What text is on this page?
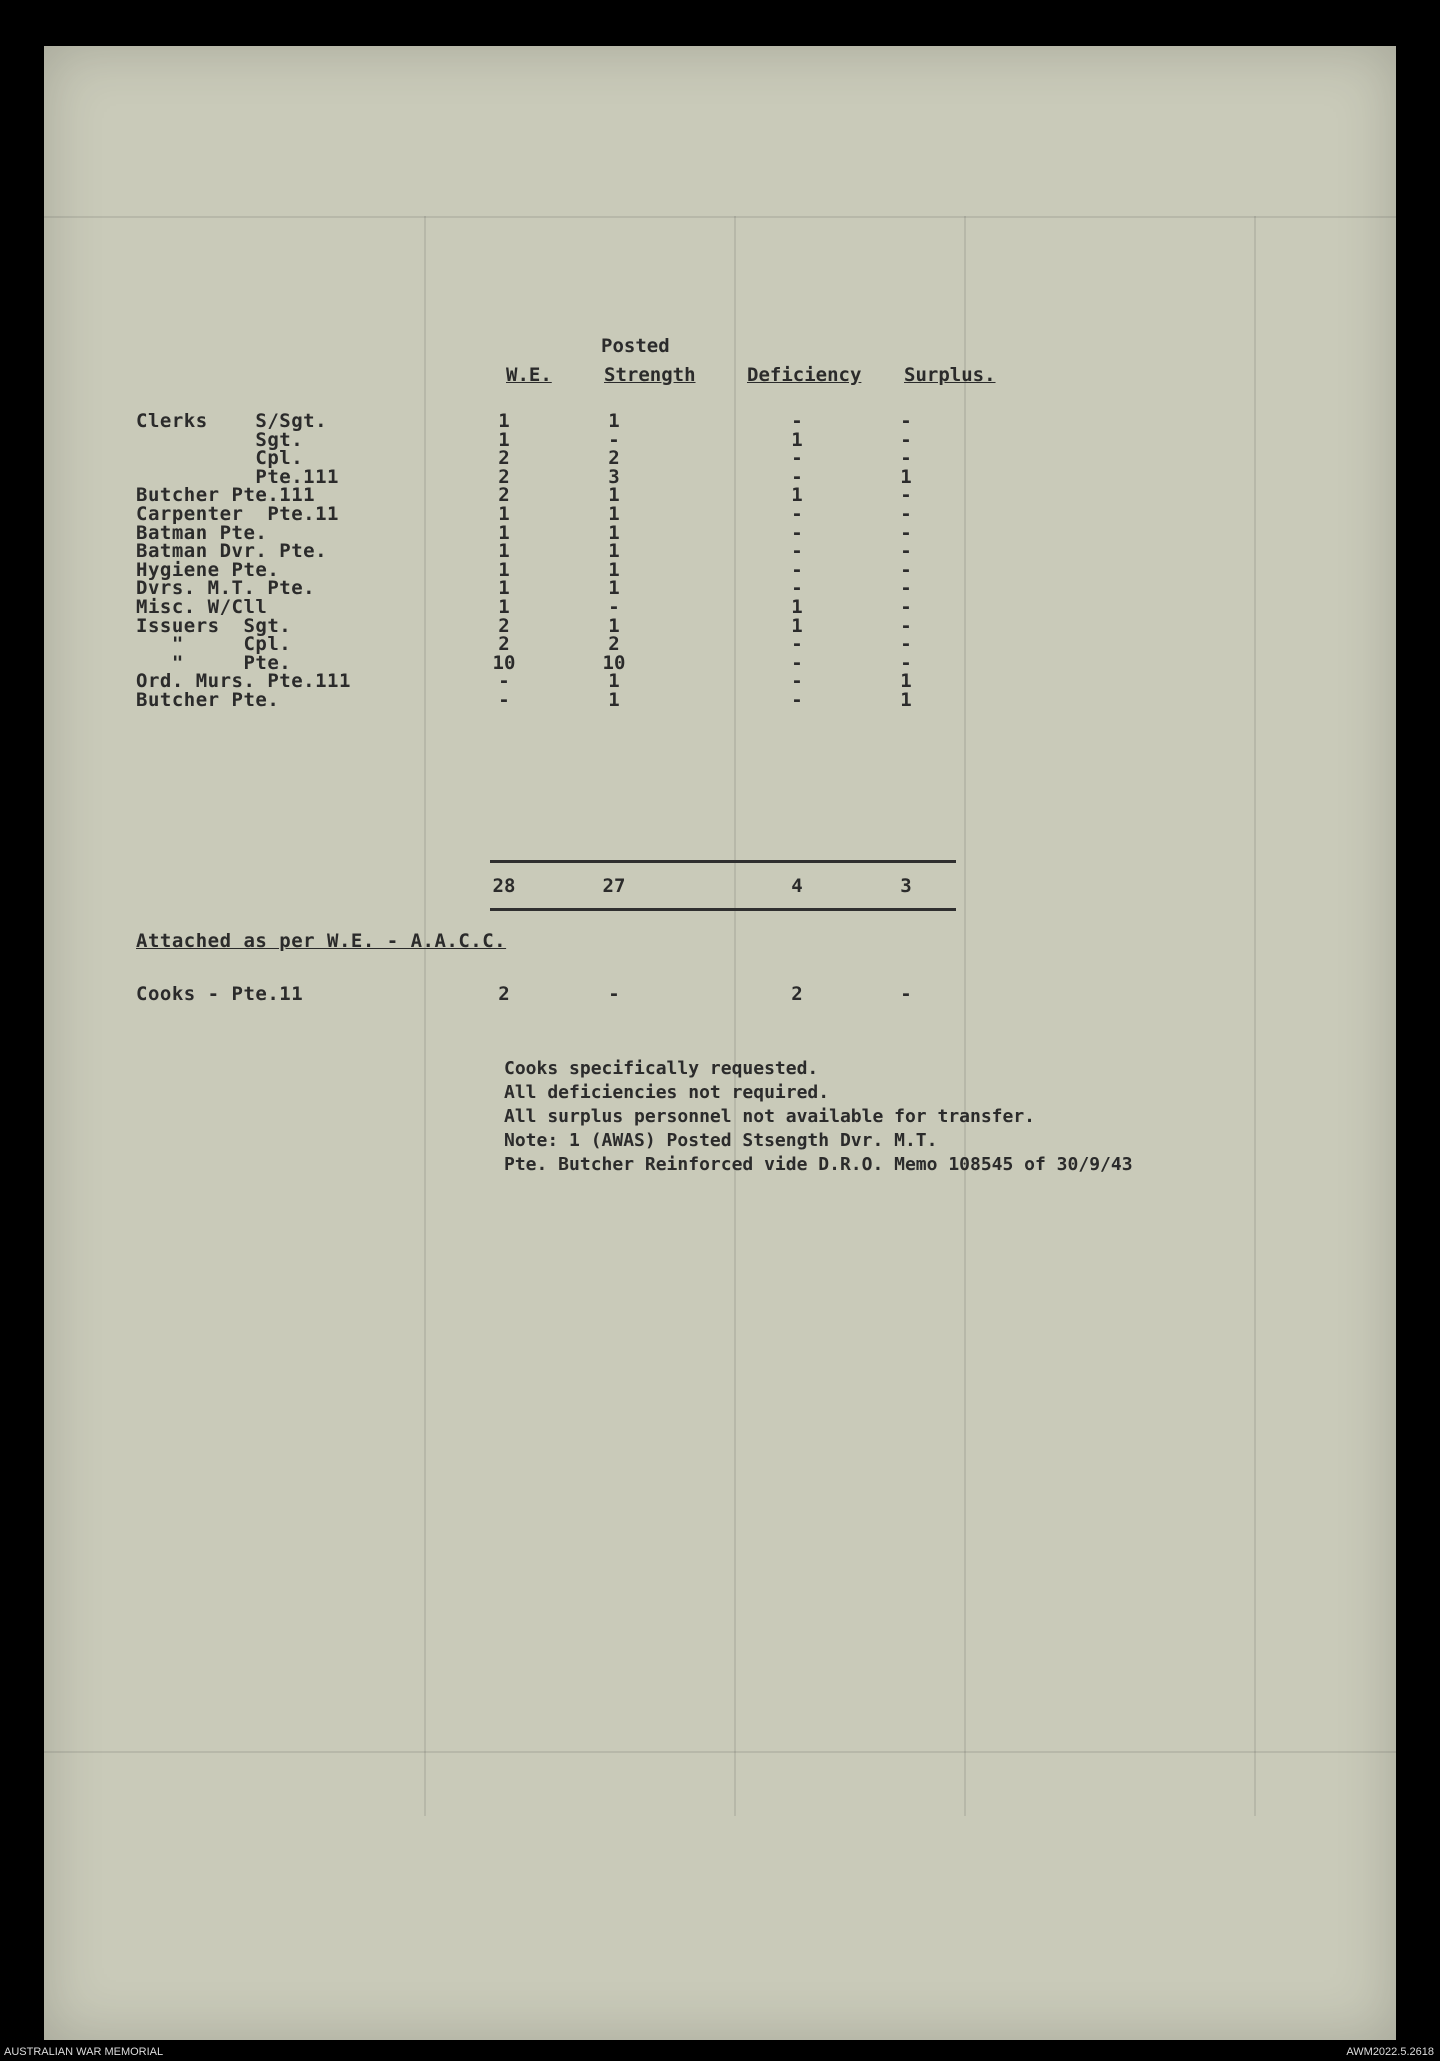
Posted
W.E.	Strength	Deficiency Surplus.
Clerks    S/Sgt.	1	1	-	-
Sgt.	1	-	1	-
Cpl.	2	2	-	-
Pte.111	2	3	-	1
Butcher Pte.111	2	1	1	-
Carpenter  Pte.11	1	1	-	-
Batman Pte.	1	1	-	-
Batman Dvr. Pte.	1	1	-	-
Hygiene Pte.	1	1	-	-
Dvrs. M.T. Pte.	1	1	-	-
Misc. W/Cll	1	-	1	-
Issuers  Sgt.	2	1	1	-
"     Cpl.	2	2	-	-
"     Pte.	10	10	-	-
Ord. Murs. Pte.111	-	1	-	1
Butcher Pte.	-	1	-	1
28	27	4	3
Attached as per W.E. - A.A.C.C.
Cooks - Pte.11	2	-	2	-
Cooks specifically requested.
All deficiencies not required.
All surplus personnel not available for transfer.
Note: 1 (AWAS) Posted Stsength Dvr. M.T.
Pte. Butcher Reinforced vide D.R.O. Memo 108545 of 30/9/43
AUSTRALIAN WAR MEMORIAL	AWM2022.5.2618
